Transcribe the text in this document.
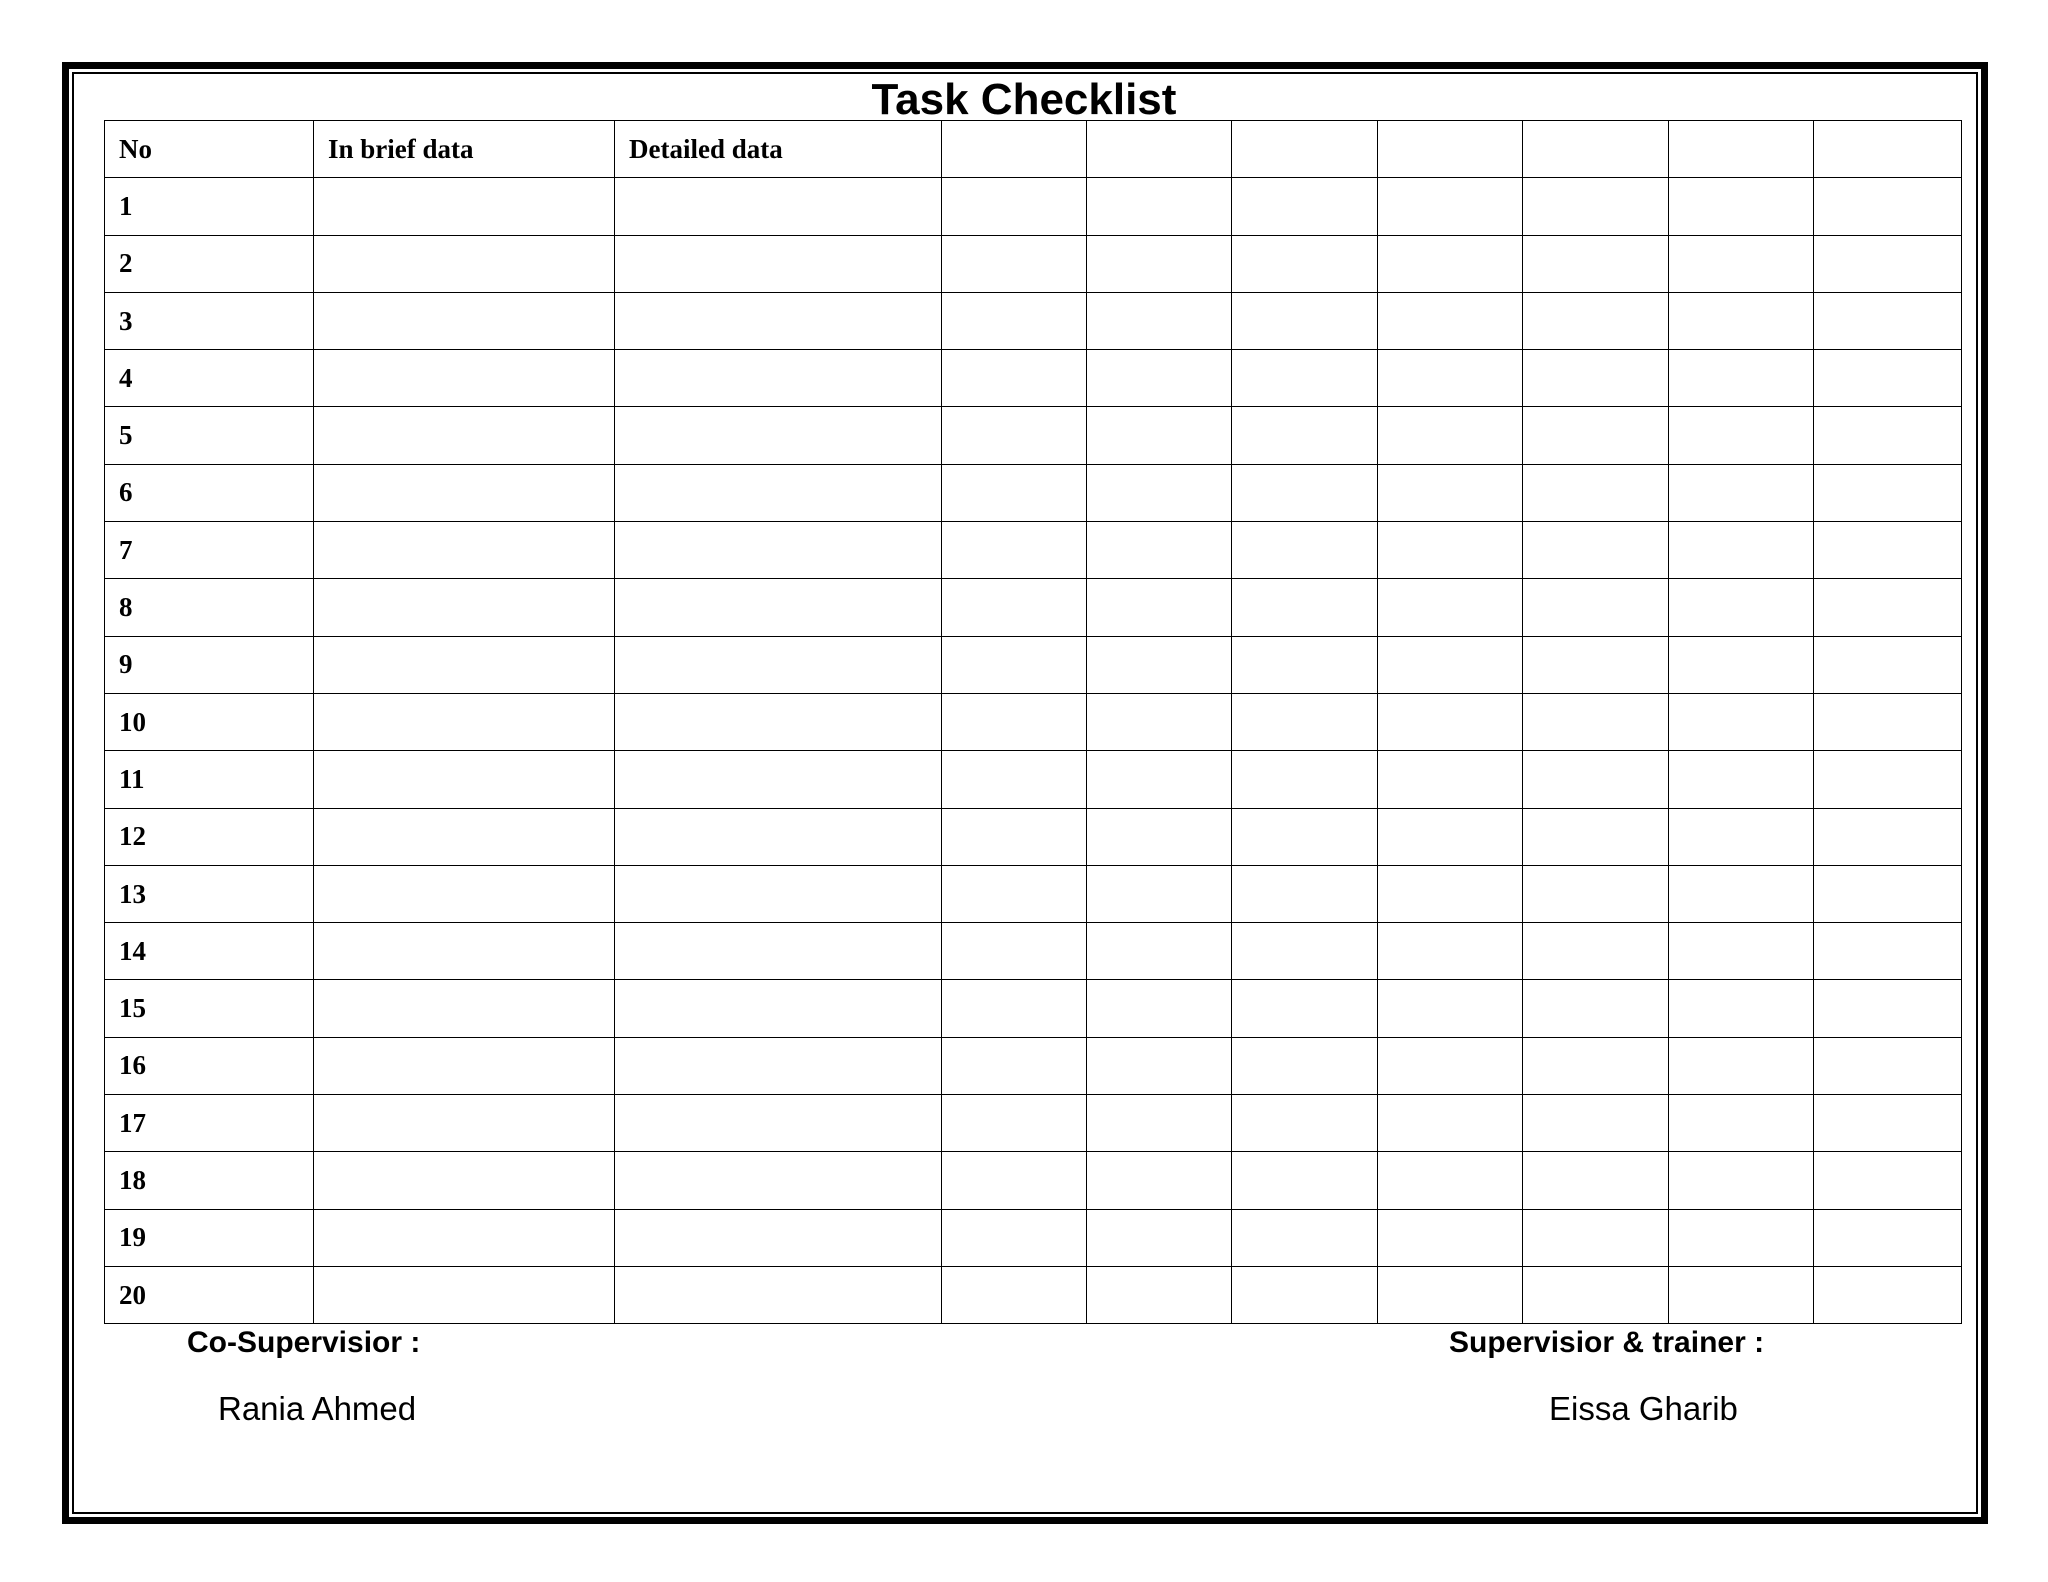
Task Checklist
No	In brief data	Detailed data							
1									
2									
3									
4									
5									
6									
7									
8									
9									
10									
11									
12									
13									
14									
15									
16									
17									
18									
19									
20									
Co-Supervisior :
Rania Ahmed
Supervisior & trainer :
Eissa Gharib
